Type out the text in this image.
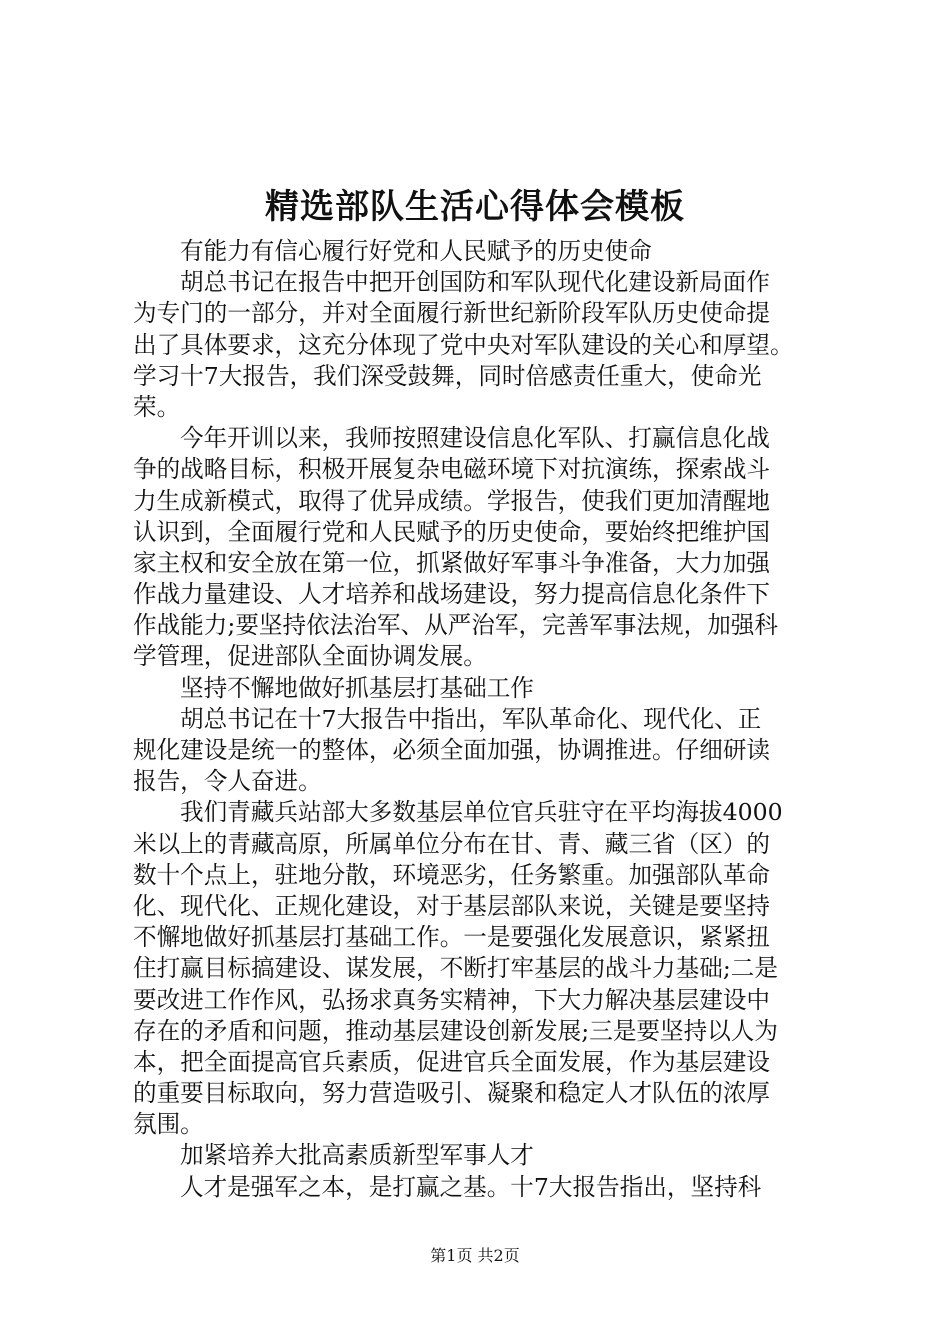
精选部队生活心得体会模板
有能力有信心履行好党和人民赋予的历史使命
胡总书记在报告中把开创国防和军队现代化建设新局面作
为专门的一部分，并对全面履行新世纪新阶段军队历史使命提
出了具体要求，这充分体现了党中央对军队建设的关心和厚望。
学习十7大报告，我们深受鼓舞，同时倍感责任重大，使命光
荣。
今年开训以来，我师按照建设信息化军队、打赢信息化战
争的战略目标，积极开展复杂电磁环境下对抗演练，探索战斗
力生成新模式，取得了优异成绩。学报告，使我们更加清醒地
认识到，全面履行党和人民赋予的历史使命，要始终把维护国
家主权和安全放在第一位，抓紧做好军事斗争准备，大力加强
作战力量建设、人才培养和战场建设，努力提高信息化条件下
作战能力;要坚持依法治军、从严治军，完善军事法规，加强科
学管理，促进部队全面协调发展。
坚持不懈地做好抓基层打基础工作
胡总书记在十7大报告中指出，军队革命化、现代化、正
规化建设是统一的整体，必须全面加强，协调推进。仔细研读
报告，令人奋进。
我们青藏兵站部大多数基层单位官兵驻守在平均海拔4000
米以上的青藏高原，所属单位分布在甘、青、藏三省（区）的
数十个点上，驻地分散，环境恶劣，任务繁重。加强部队革命
化、现代化、正规化建设，对于基层部队来说，关键是要坚持
不懈地做好抓基层打基础工作。一是要强化发展意识，紧紧扭
住打赢目标搞建设、谋发展，不断打牢基层的战斗力基础;二是
要改进工作作风，弘扬求真务实精神，下大力解决基层建设中
存在的矛盾和问题，推动基层建设创新发展;三是要坚持以人为
本，把全面提高官兵素质，促进官兵全面发展，作为基层建设
的重要目标取向，努力营造吸引、凝聚和稳定人才队伍的浓厚
氛围。
加紧培养大批高素质新型军事人才
人才是强军之本，是打赢之基。十7大报告指出，坚持科
第1页 共2页
